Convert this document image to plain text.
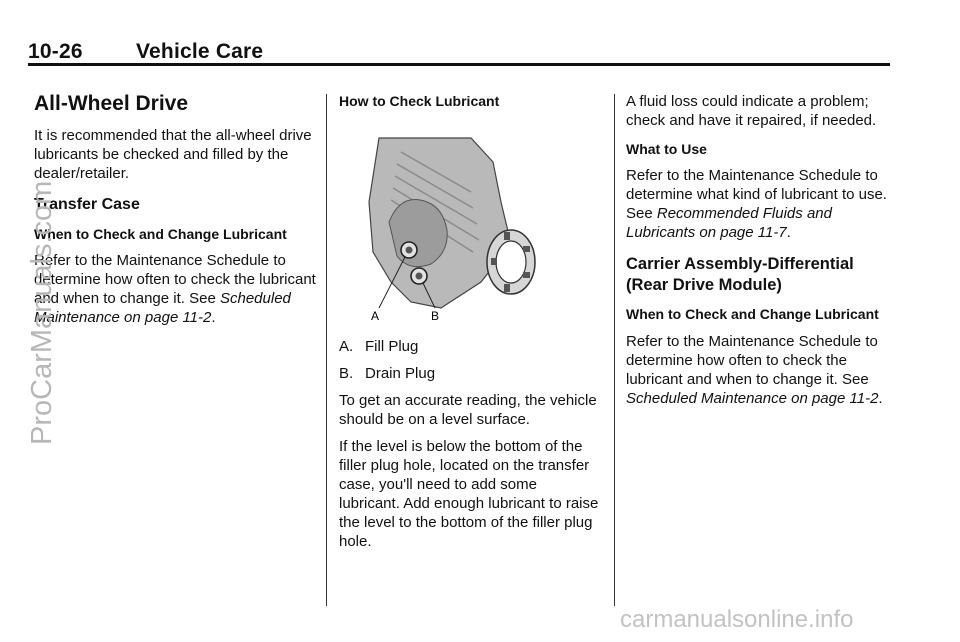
10-26	Vehicle Care
All-Wheel Drive

It is recommended that the all-wheel drive lubricants be checked and filled by the dealer/retailer.

Transfer Case
When to Check and Change Lubricant

Refer to the Maintenance Schedule to determine how often to check the lubricant and when to change it. See Scheduled Maintenance on page 11‑2.

How to Check Lubricant
A	B
A. Fill Plug
B. Drain Plug

To get an accurate reading, the vehicle should be on a level surface.

If the level is below the bottom of the filler plug hole, located on the transfer case, you'll need to add some lubricant. Add enough lubricant to raise the level to the bottom of the filler plug hole.

A fluid loss could indicate a problem; check and have it repaired, if needed.

What to Use

Refer to the Maintenance Schedule to determine what kind of lubricant to use. See Recommended Fluids and Lubricants on page 11‑7.

Carrier Assembly-Differential (Rear Drive Module)
When to Check and Change Lubricant

Refer to the Maintenance Schedule to determine how often to check the lubricant and when to change it. See Scheduled Maintenance on page 11‑2.

ProCarManuals.com
carmanualsonline.info
